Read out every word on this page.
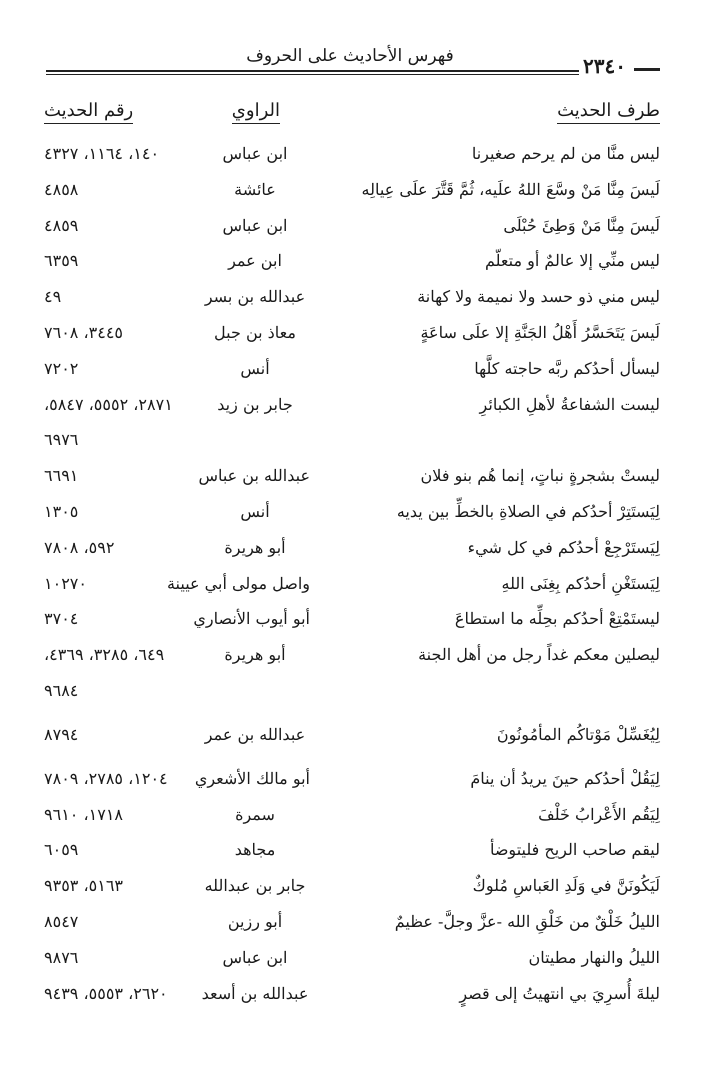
فهرس الأحاديث على الحروف	٢٣٤٠
طرف الحديث
الراوي
رقم الحديث
ليس منَّا من لم يرحم صغيرنا
ابن عباس
١٤٠، ١١٦٤، ٤٣٢٧
لَيسَ مِنَّا مَنْ وسَّعَ اللهُ علَيه، ثُمَّ قَتَّرَ علَى عِيالِه
عائشة
٤٨٥٨
لَيسَ مِنَّا مَنْ وَطِئَ حُبْلَى
ابن عباس
٤٨٥٩
ليس منِّي إلا عالمٌ أو متعلّم
ابن عمر
٦٣٥٩
ليس مني ذو حسد ولا نميمة ولا كهانة
عبدالله بن بسر
٤٩
لَيسَ يَتَحَسَّرُ أَهْلُ الجَنَّةِ إلا علَى ساعَةٍ
معاذ بن جبل
٣٤٤٥، ٧٦٠٨
ليسأل أحدُكم ربَّه حاجته كلَّها
أنس
٧٢٠٢
ليست الشفاعةُ لأهلِ الكبائرِ
جابر بن زيد
٢٨٧١، ٥٥٥٢، ٥٨٤٧،
٦٩٧٦
ليستْ بشجرةٍ نباتٍ، إنما هُم بنو فلان
عبدالله بن عباس
٦٦٩١
لِيَستَتِرْ أحدُكم في الصلاةِ بالخطِّ بين يديه
أنس
١٣٠٥
لِيَستَرْجِعْ أحدُكم في كل شيء
أبو هريرة
٥٩٢، ٧٨٠٨
لِيَستَغْنِ أحدُكم بِغِنَى اللهِ
واصل مولى أبي عيينة
١٠٢٧٠
ليستَمْتِعْ أحدُكم بحِلِّه ما استطاعَ
أبو أيوب الأنصاري
٣٧٠٤
ليصلين معكم غداً رجل من أهل الجنة
أبو هريرة
٦٤٩، ٣٢٨٥، ٤٣٦٩،
٩٦٨٤
لِيُغَسِّلْ مَوْتاكُم المأمُونُونَ
عبدالله بن عمر
٨٧٩٤
لِيَقُلْ أحدُكم حينَ يريدُ أن ينامَ
أبو مالك الأشعري
١٢٠٤، ٢٧٨٥، ٧٨٠٩
لِيَقُم الأَعْرابُ خَلْفَ
سمرة
١٧١٨، ٩٦١٠
ليقم صاحب الريح فليتوضأ
مجاهد
٦٠٥٩
لَيَكُونَنَّ في وَلَدِ العَباسِ مُلوكٌ
جابر بن عبدالله
٥١٦٣، ٩٣٥٣
الليلُ خَلْقٌ من خَلْقِ الله -عزَّ وجلَّ- عظيمٌ
أبو رزين
٨٥٤٧
الليلُ والنهار مطيتان
ابن عباس
٩٨٧٦
ليلةَ أُسرِيَ بي انتهيتُ إلى قصرٍ
عبدالله بن أسعد
٢٦٢٠، ٥٥٥٣، ٩٤٣٩
